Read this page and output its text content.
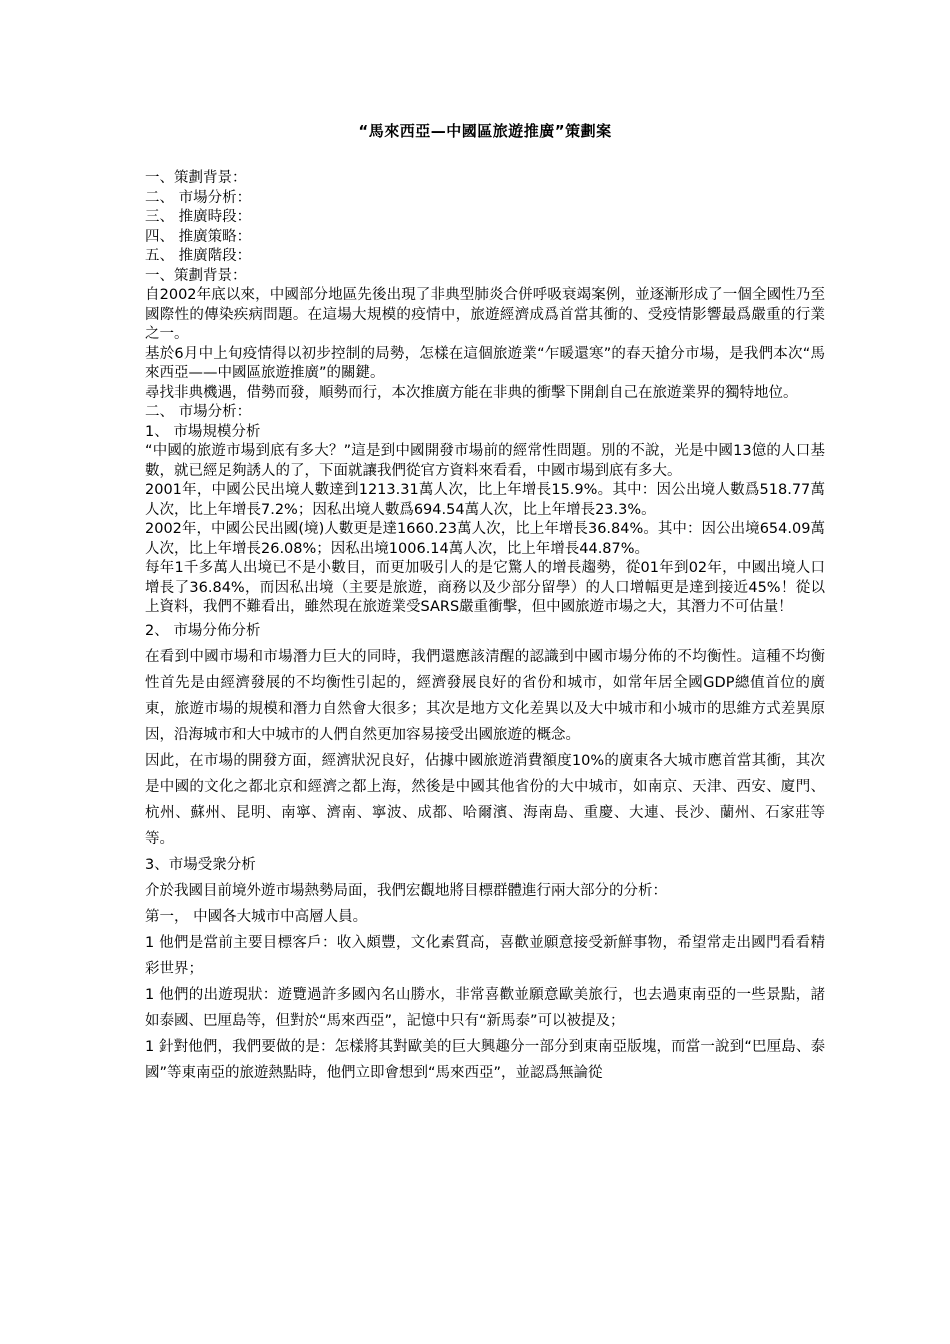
“馬來西亞—中國區旅遊推廣”策劃案
一、策劃背景：
二、 市場分析：
三、 推廣時段：
四、 推廣策略：
五、 推廣階段：
一、策劃背景：

自2002年底以來，中國部分地區先後出現了非典型肺炎合併呼吸衰竭案例，並逐漸形成了一個全國性乃至國際性的傳染疾病問題。在這場大規模的疫情中，旅遊經濟成爲首當其衝的、受疫情影響最爲嚴重的行業之一。

基於6月中上旬疫情得以初步控制的局勢，怎樣在這個旅遊業“乍暖還寒”的春天搶分市場，是我們本次“馬來西亞——中國區旅遊推廣”的關鍵。

尋找非典機遇，借勢而發，順勢而行，本次推廣方能在非典的衝擊下開創自己在旅遊業界的獨特地位。

二、 市場分析：
1、 市場規模分析

“中國的旅遊市場到底有多大？”這是到中國開發市場前的經常性問題。別的不說，光是中國13億的人口基數，就已經足夠誘人的了，下面就讓我們從官方資料來看看，中國市場到底有多大。

2001年，中國公民出境人數達到1213.31萬人次，比上年增長15.9%。其中：因公出境人數爲518.77萬人次，比上年增長7.2%；因私出境人數爲694.54萬人次，比上年增長23.3%。

2002年，中國公民出國(境)人數更是達1660.23萬人次，比上年增長36.84%。其中：因公出境654.09萬人次，比上年增長26.08%；因私出境1006.14萬人次，比上年增長44.87%。

每年1千多萬人出境已不是小數目，而更加吸引人的是它驚人的增長趨勢，從01年到02年，中國出境人口增長了36.84%，而因私出境（主要是旅遊，商務以及少部分留學）的人口增幅更是達到接近45%！從以上資料，我們不難看出，雖然現在旅遊業受SARS嚴重衝擊，但中國旅遊市場之大，其潛力不可估量！

2、 市場分佈分析

在看到中國市場和市場潛力巨大的同時，我們還應該清醒的認識到中國市場分佈的不均衡性。這種不均衡性首先是由經濟發展的不均衡性引起的，經濟發展良好的省份和城市，如常年居全國GDP總值首位的廣東，旅遊市場的規模和潛力自然會大很多；其次是地方文化差異以及大中城市和小城市的思維方式差異原因，沿海城市和大中城市的人們自然更加容易接受出國旅遊的概念。

因此，在市場的開發方面，經濟狀況良好，佔據中國旅遊消費額度10%的廣東各大城市應首當其衝，其次是中國的文化之都北京和經濟之都上海，然後是中國其他省份的大中城市，如南京、天津、西安、廈門、杭州、蘇州、昆明、南寧、濟南、寧波、成都、哈爾濱、海南島、重慶、大連、長沙、蘭州、石家莊等等。

3、市場受衆分析

介於我國目前境外遊市場熱勢局面，我們宏觀地將目標群體進行兩大部分的分析：

第一， 中國各大城市中高層人員。

1 他們是當前主要目標客戶：收入頗豐，文化素質高，喜歡並願意接受新鮮事物，希望常走出國門看看精彩世界；

1 他們的出遊現狀：遊覽過許多國內名山勝水，非常喜歡並願意歐美旅行，也去過東南亞的一些景點，諸如泰國、巴厘島等，但對於“馬來西亞”，記憶中只有“新馬泰”可以被提及；

1 針對他們，我們要做的是：怎樣將其對歐美的巨大興趣分一部分到東南亞版塊，而當一說到“巴厘島、泰國”等東南亞的旅遊熱點時，他們立即會想到“馬來西亞”，並認爲無論從
